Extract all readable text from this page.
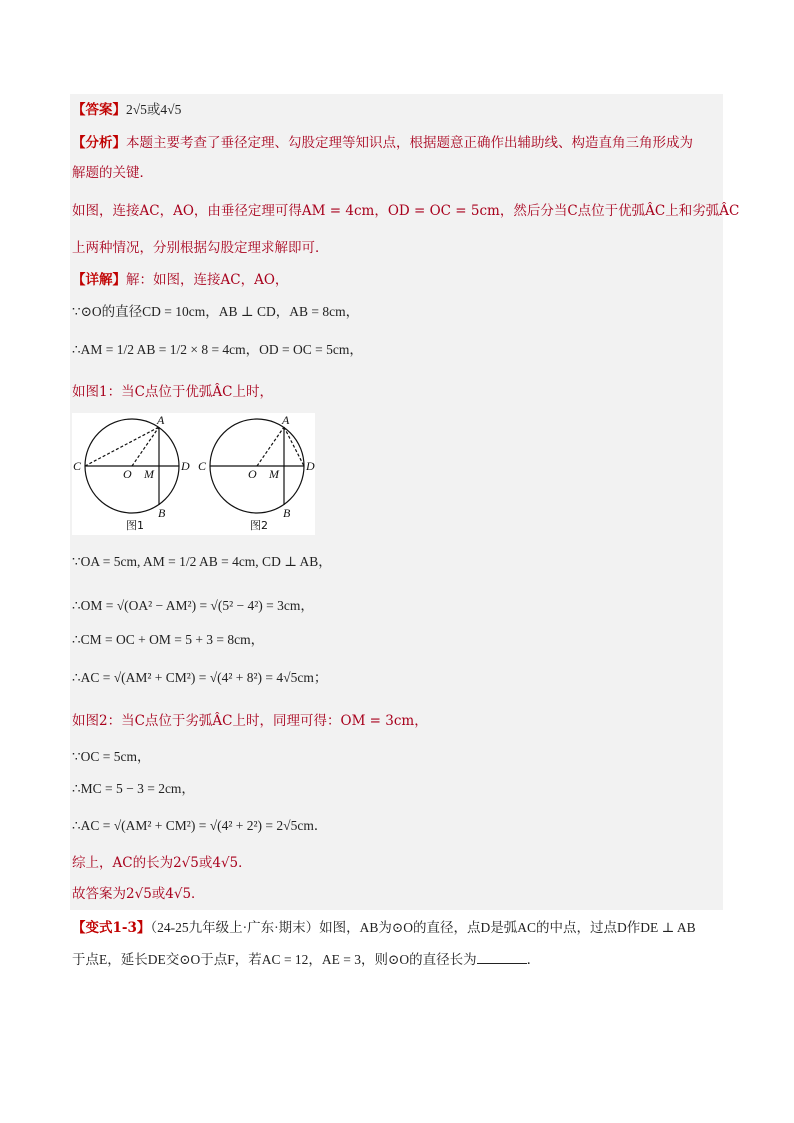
【答案】2√5或4√5
【分析】本题主要考查了垂径定理、勾股定理等知识点，根据题意正确作出辅助线、构造直角三角形成为
解题的关键．
如图，连接AC，AO，由垂径定理可得AM = 4cm，OD = OC = 5cm，然后分当C点位于优弧ÂC上和劣弧ÂC
上两种情况，分别根据勾股定理求解即可．
【详解】解：如图，连接AC，AO，
∵⊙O的直径CD = 10cm，AB ⊥ CD，AB = 8cm，
∴AM = 1/2 AB = 1/2 × 8 = 4cm，OD = OC = 5cm，
如图1：当C点位于优弧ÂC上时，
A
B
C	D
O M
A
B
C	D
O M
图1	图2
∵OA = 5cm, AM = 1/2 AB = 4cm, CD ⊥ AB，
∴OM = √(OA² − AM²) = √(5² − 4²) = 3cm，
∴CM = OC + OM = 5 + 3 = 8cm，
∴AC = √(AM² + CM²) = √(4² + 8²) = 4√5cm；
如图2：当C点位于劣弧ÂC上时，同理可得：OM = 3cm，
∵OC = 5cm，
∴MC = 5 − 3 = 2cm，
∴AC = √(AM² + CM²) = √(4² + 2²) = 2√5cm．
综上，AC的长为2√5或4√5．
故答案为2√5或4√5．
【变式1-3】（24-25九年级上·广东·期末）如图，AB为⊙O的直径，点D是弧AC的中点，过点D作DE ⊥ AB
于点E，延长DE交⊙O于点F，若AC = 12，AE = 3，则⊙O的直径长为	．
